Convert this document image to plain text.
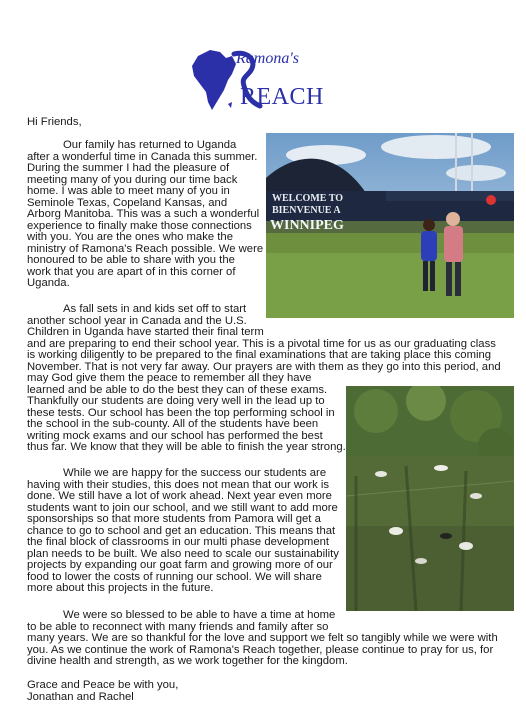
Ramona's
REACH

Hi Friends,

Our family has returned to Uganda
after a wonderful time in Canada this summer.
During the summer I had the pleasure of
meeting many of you during our time back
home. I was able to meet many of you in
Seminole Texas, Copeland Kansas, and
Arborg Manitoba. This was a such a wonderful
experience to finally make those connections
with you. You are the ones who make the
ministry of Ramona's Reach possible. We were
honoured to be able to share with you the
work that you are apart of in this corner of
Uganda.
As fall sets in and kids set off to start
another school year in Canada and the U.S.
Children in Uganda have started their final term
and are preparing to end their school year. This is a pivotal time for us as our graduating class
is working diligently to be prepared to the final examinations that are taking place this coming
November. That is not very far away. Our prayers are with them as they go into this period, and
may God give them the peace to remember all they have
learned and be able to do the best they can of these exams.
Thankfully our students are doing very well in the lead up to
these tests. Our school has been the top performing school in
the school in the sub-county. All of the students have been
writing mock exams and our school has performed the best
thus far. We know that they will be able to finish the year strong.
While we are happy for the success our students are
having with their studies, this does not mean that our work is
done. We still have a lot of work ahead. Next year even more
students want to join our school, and we still want to add more
sponsorships so that more students from Pamora will get a
chance to go to school and get an education. This means that
the final block of classrooms in our multi phase development
plan needs to be built. We also need to scale our sustainability
projects by expanding our goat farm and growing more of our
food to lower the costs of running our school. We will share
more about this projects in the future.
We were so blessed to be able to have a time at home
to be able to reconnect with many friends and family after so
many years. We are so thankful for the love and support we felt so tangibly while we were with
you. As we continue the work of Ramona's Reach together, please continue to pray for us, for
divine health and strength, as we work together for the kingdom.
Grace and Peace be with you,
Jonathan and Rachel
WELCOME TO
BIENVENUE A
WINNIPEG
